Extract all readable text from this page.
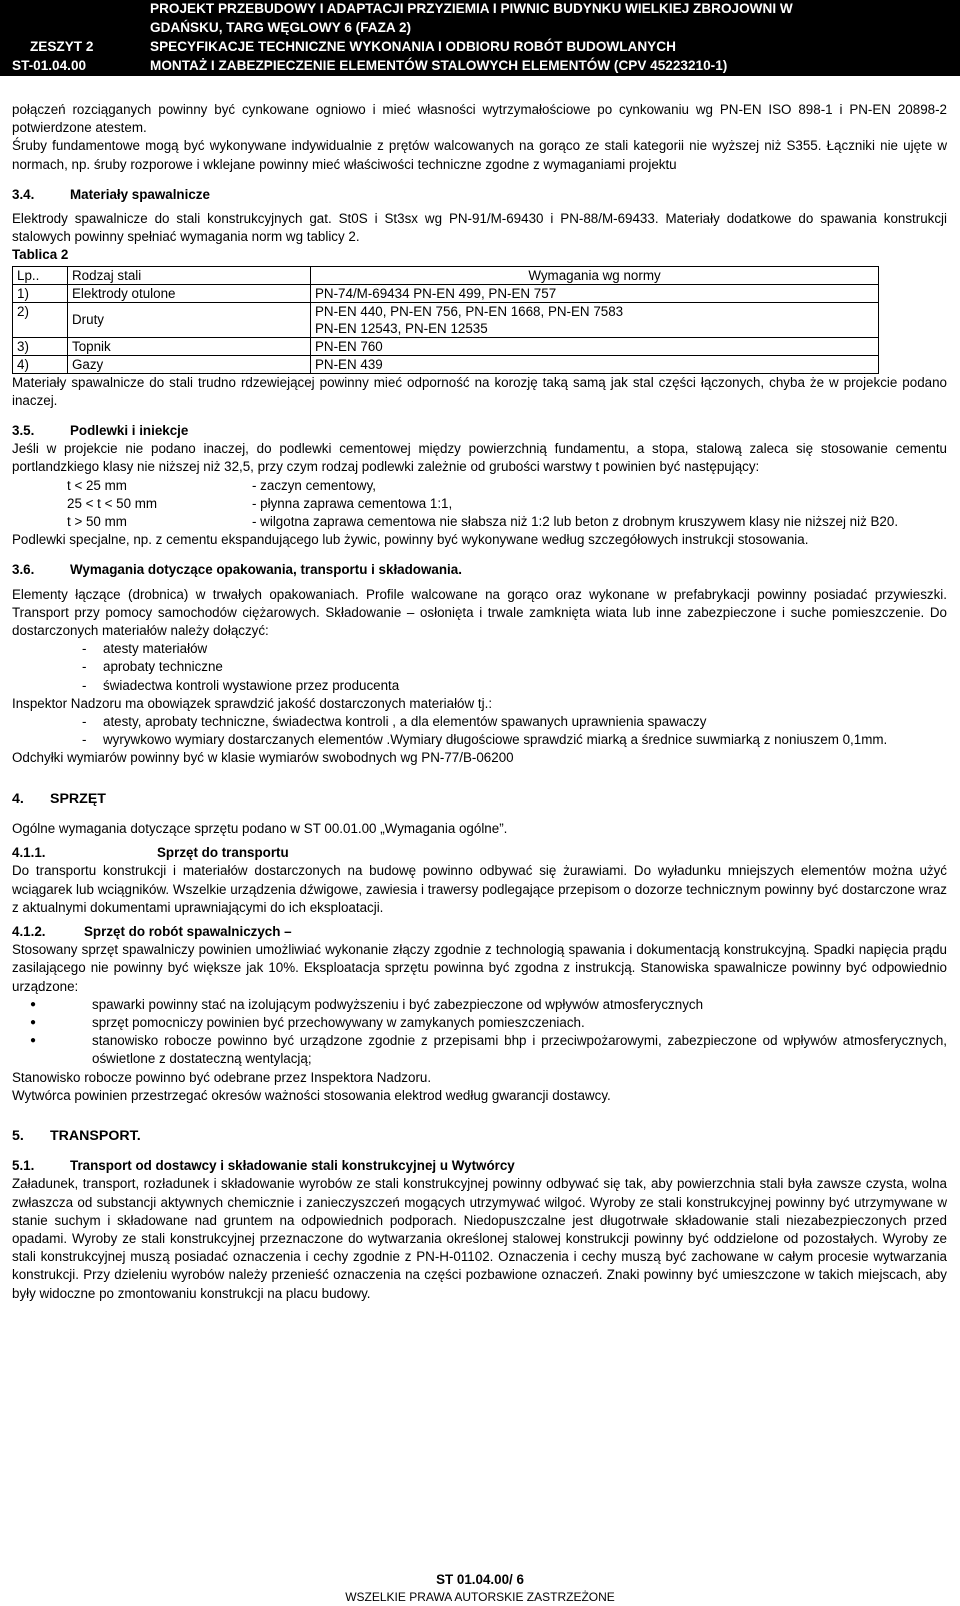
PROJEKT PRZEBUDOWY I ADAPTACJI PRZYZIEMIA I PIWNIC BUDYNKU WIELKIEJ ZBROJOWNI W
GDAŃSKU, TARG WĘGLOWY 6 (FAZA 2)
ZESZYT 2	SPECYFIKACJE TECHNICZNE WYKONANIA I ODBIORU ROBÓT BUDOWLANYCH
ST-01.04.00	MONTAŻ I ZABEZPIECZENIE ELEMENTÓW STALOWYCH ELEMENTÓW (CPV 45223210-1)

połączeń rozciąganych powinny być cynkowane ogniowo i mieć własności wytrzymałościowe po cynkowaniu wg PN-EN ISO 898-1 i PN-EN 20898-2 potwierdzone atestem.

Śruby fundamentowe mogą być wykonywane indywidualnie z prętów walcowanych na gorąco ze stali kategorii nie wyższej niż S355. Łączniki nie ujęte w normach, np. śruby rozporowe i wklejane powinny mieć właściwości techniczne zgodne z wymaganiami projektu

3.4.	Materiały spawalnicze

Elektrody spawalnicze do stali konstrukcyjnych gat. St0S i St3sx wg PN-91/M-69430 i PN-88/M-69433. Materiały dodatkowe do spawania konstrukcji stalowych powinny spełniać wymagania norm wg tablicy 2.

Tablica 2
Lp..	Rodzaj stali	Wymagania wg normy
1)	Elektrody otulone	PN-74/M-69434 PN-EN 499, PN-EN 757
2)	Druty	PN-EN 440, PN-EN 756, PN-EN 1668, PN-EN 7583
PN-EN 12543, PN-EN 12535

3)	Topnik	PN-EN 760
4)	Gazy	PN-EN 439

Materiały spawalnicze do stali trudno rdzewiejącej powinny mieć odporność na korozję taką samą jak stal części łączonych, chyba że w projekcie podano inaczej.

3.5.	Podlewki i iniekcje

Jeśli w projekcie nie podano inaczej, do podlewki cementowej między powierzchnią fundamentu, a stopa, stalową zaleca się stosowanie cementu portlandzkiego klasy nie niższej niż 32,5, przy czym rodzaj podlewki zależnie od grubości warstwy t powinien być następujący:

t < 25 mm	- zaczyn cementowy,
25 < t < 50 mm	- płynna zaprawa cementowa 1:1,
t > 50 mm	- wilgotna zaprawa cementowa nie słabsza niż 1:2 lub beton z drobnym kruszywem klasy nie niższej niż B20.

Podlewki specjalne, np. z cementu ekspandującego lub żywic, powinny być wykonywane według szczegółowych instrukcji stosowania.

3.6.	Wymagania dotyczące opakowania, transportu i składowania.

Elementy łączące (drobnica) w trwałych opakowaniach. Profile walcowane na gorąco oraz wykonane w prefabrykacji powinny posiadać przywieszki. Transport przy pomocy samochodów ciężarowych. Składowanie – osłonięta i trwale zamknięta wiata lub inne zabezpieczone i suche pomieszczenie. Do dostarczonych materiałów należy dołączyć:

-	atesty materiałów
-	aprobaty techniczne
-	świadectwa kontroli wystawione przez producenta

Inspektor Nadzoru ma obowiązek sprawdzić jakość dostarczonych materiałów tj.:

-	atesty, aprobaty techniczne, świadectwa kontroli , a dla elementów spawanych uprawnienia spawaczy
-	wyrywkowo wymiary dostarczanych elementów .Wymiary długościowe sprawdzić miarką a średnice suwmiarką z noniuszem 0,1mm.

Odchyłki wymiarów powinny być w klasie wymiarów swobodnych wg PN-77/B-06200

4.	SPRZĘT

Ogólne wymagania dotyczące sprzętu podano w ST 00.01.00 „Wymagania ogólne”.

4.1.1.	Sprzęt do transportu

Do transportu konstrukcji i materiałów dostarczonych na budowę powinno odbywać się żurawiami. Do wyładunku mniejszych elementów można użyć wciągarek lub wciągników. Wszelkie urządzenia dźwigowe, zawiesia i trawersy podlegające przepisom o dozorze technicznym powinny być dostarczone wraz z aktualnymi dokumentami uprawniającymi do ich eksploatacji.

4.1.2.	Sprzęt do robót spawalniczych –

Stosowany sprzęt spawalniczy powinien umożliwiać wykonanie złączy zgodnie z technologią spawania i dokumentacją konstrukcyjną. Spadki napięcia prądu zasilającego nie powinny być większe jak 10%. Eksploatacja sprzętu powinna być zgodna z instrukcją. Stanowiska spawalnicze powinny być odpowiednio urządzone:

●	spawarki powinny stać na izolującym podwyższeniu i być zabezpieczone od wpływów atmosferycznych
●	sprzęt pomocniczy powinien być przechowywany w zamykanych pomieszczeniach.
●	stanowisko robocze powinno być urządzone zgodnie z przepisami bhp i przeciwpożarowymi, zabezpieczone od wpływów atmosferycznych, oświetlone z dostateczną wentylacją;

Stanowisko robocze powinno być odebrane przez Inspektora Nadzoru.

Wytwórca powinien przestrzegać okresów ważności stosowania elektrod według gwarancji dostawcy.

5.	TRANSPORT.
5.1.	Transport od dostawcy i składowanie stali konstrukcyjnej u Wytwórcy

Załadunek, transport, rozładunek i składowanie wyrobów ze stali konstrukcyjnej powinny odbywać się tak, aby powierzchnia stali była zawsze czysta, wolna zwłaszcza od substancji aktywnych chemicznie i zanieczyszczeń mogących utrzymywać wilgoć. Wyroby ze stali konstrukcyjnej powinny być utrzymywane w stanie suchym i składowane nad gruntem na odpowiednich podporach. Niedopuszczalne jest długotrwałe składowanie stali niezabezpieczonych przed opadami. Wyroby ze stali konstrukcyjnej przeznaczone do wytwarzania określonej stalowej konstrukcji powinny być oddzielone od pozostałych. Wyroby ze stali konstrukcyjnej muszą posiadać oznaczenia i cechy zgodnie z PN-H-01102. Oznaczenia i cechy muszą być zachowane w całym procesie wytwarzania konstrukcji. Przy dzieleniu wyrobów należy przenieść oznaczenia na części pozbawione oznaczeń. Znaki powinny być umieszczone w takich miejscach, aby były widoczne po zmontowaniu konstrukcji na placu budowy.

ST 01.04.00/ 6
WSZELKIE PRAWA AUTORSKIE ZASTRZEŻONE
